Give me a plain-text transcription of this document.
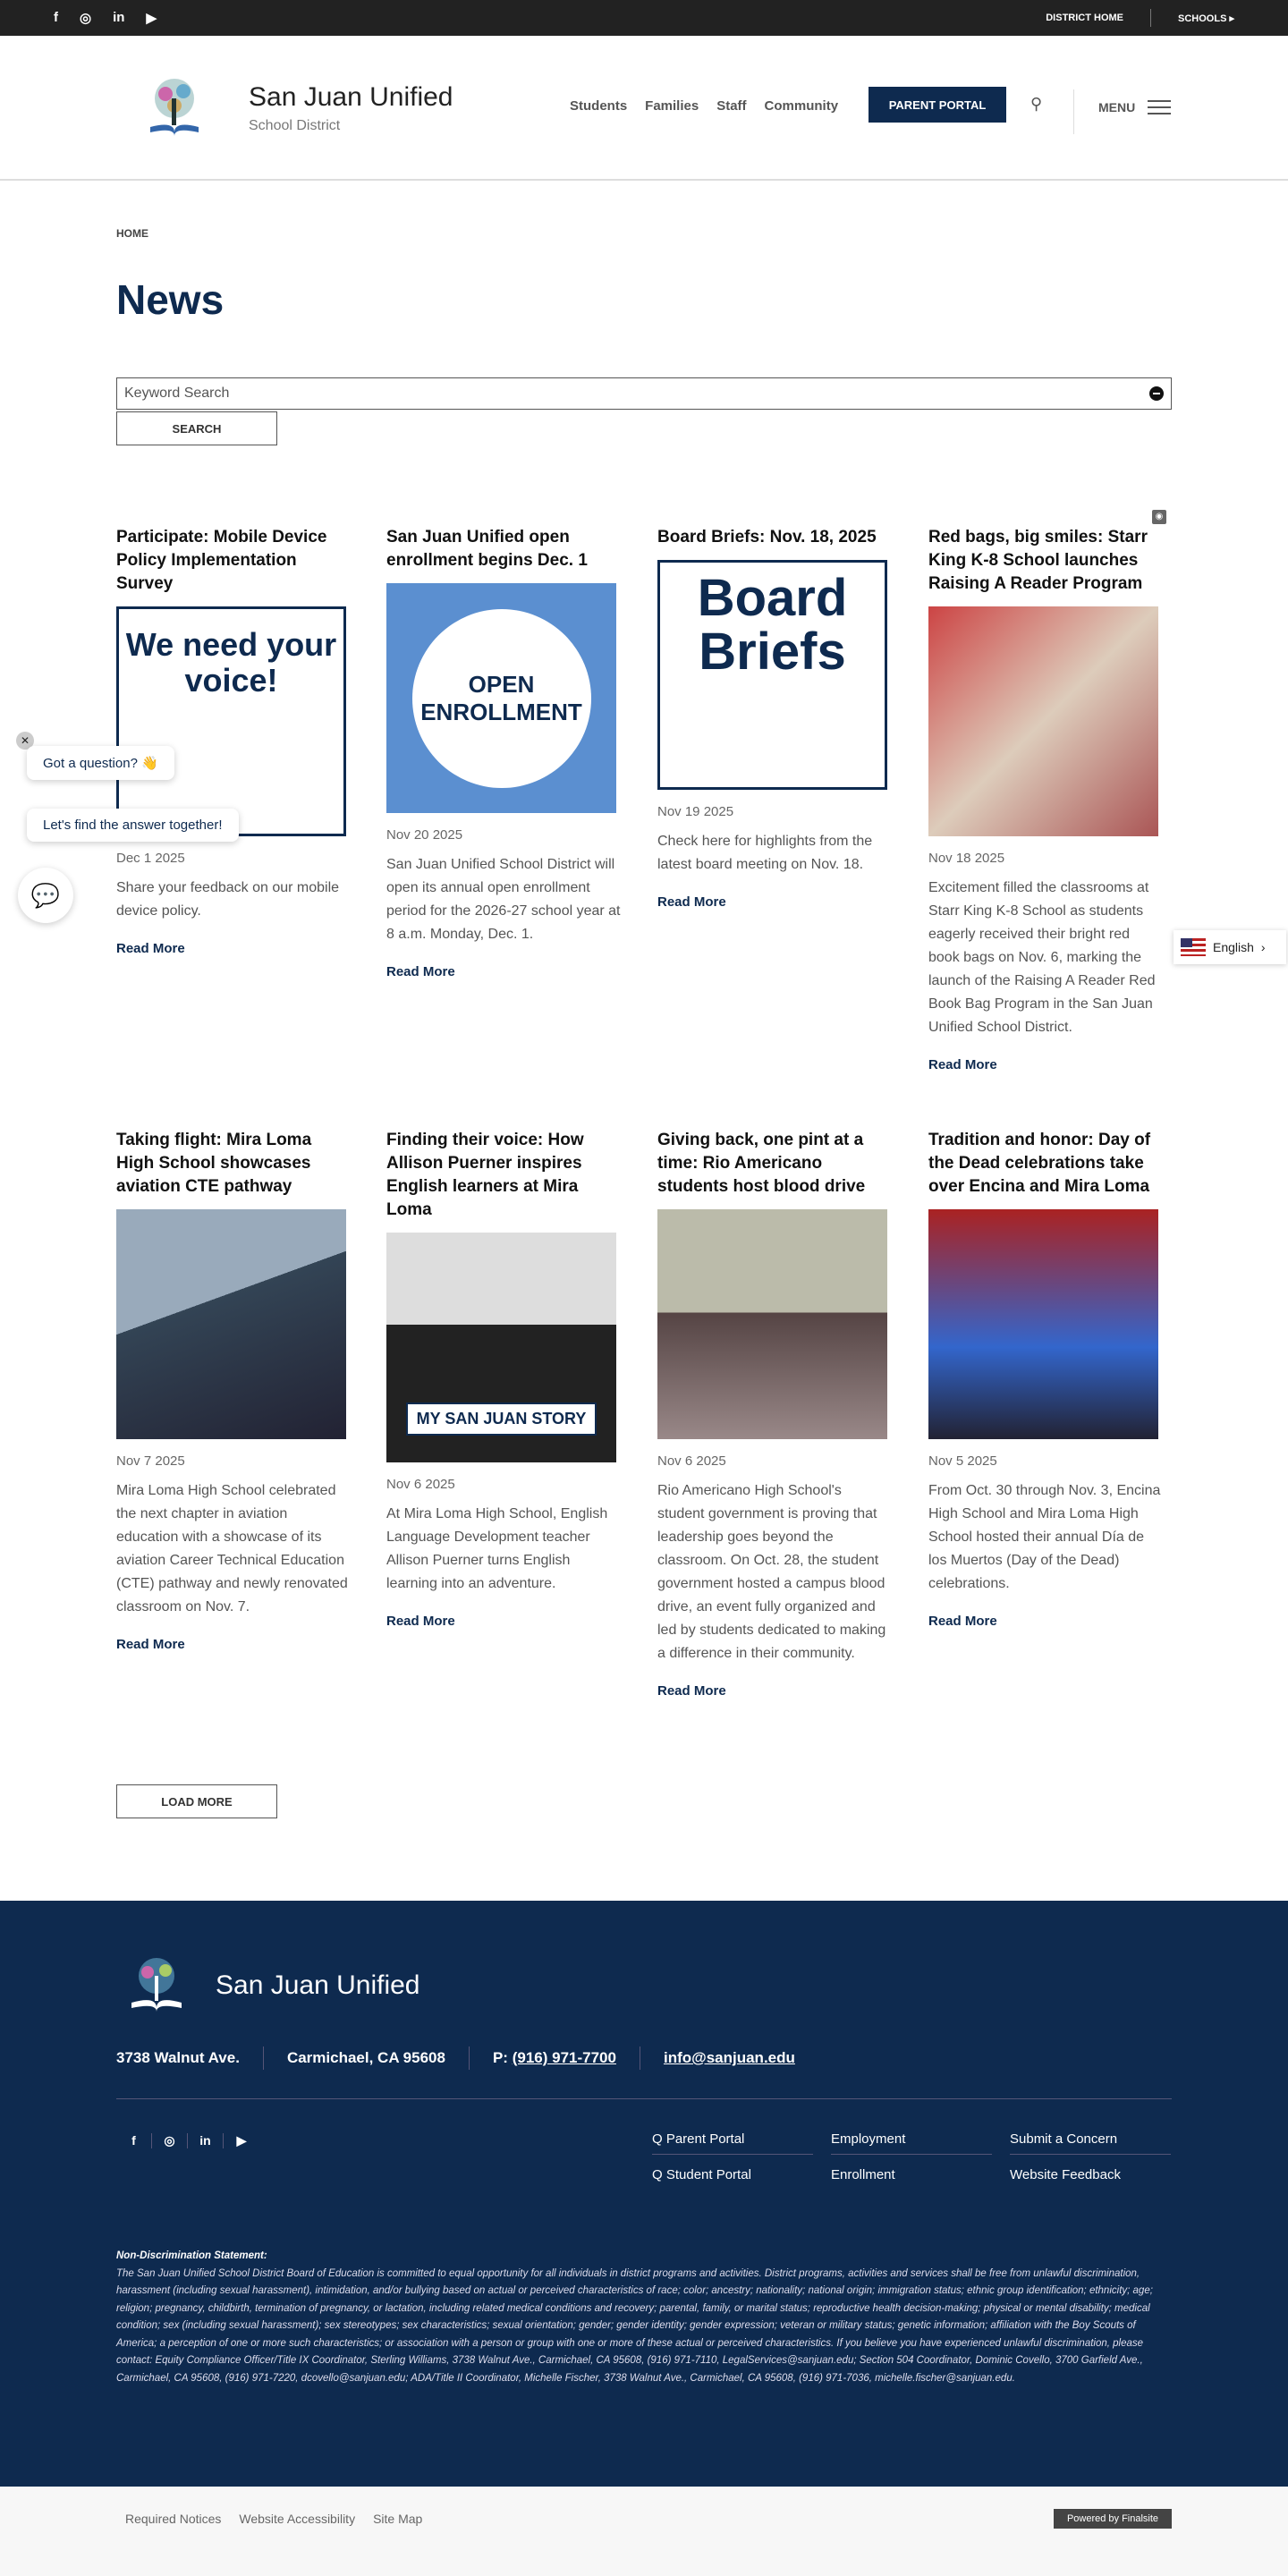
f ◎ in ▶	DISTRICT HOME	SCHOOLS ▸
San Juan Unified
School District
Students Families Staff Community	PARENT PORTAL	⚲	MENU
HOME
News
Keyword Search
SEARCH
◉
Participate: Mobile Device Policy Implementation Survey
We need your voice!
Dec 1 2025

Share your feedback on our mobile device policy.

Read More
San Juan Unified open enrollment begins Dec. 1
OPEN ENROLLMENT
Nov 20 2025

San Juan Unified School District will open its annual open enrollment period for the 2026-27 school year at 8 a.m. Monday, Dec. 1.

Read More
Board Briefs: Nov. 18, 2025
Board Briefs
Nov 19 2025

Check here for highlights from the latest board meeting on Nov. 18.

Read More
Red bags, big smiles: Starr King K-8 School launches Raising A Reader Program
Nov 18 2025

Excitement filled the classrooms at Starr King K-8 School as students eagerly received their bright red book bags on Nov. 6, marking the launch of the Raising A Reader Red Book Bag Program in the San Juan Unified School District.

Read More
Taking flight: Mira Loma High School showcases aviation CTE pathway
Nov 7 2025

Mira Loma High School celebrated the next chapter in aviation education with a showcase of its aviation Career Technical Education (CTE) pathway and newly renovated classroom on Nov. 7.

Read More
Finding their voice: How Allison Puerner inspires English learners at Mira Loma
MY SAN JUAN STORY
Nov 6 2025

At Mira Loma High School, English Language Development teacher Allison Puerner turns English learning into an adventure.

Read More
Giving back, one pint at a time: Rio Americano students host blood drive
Nov 6 2025

Rio Americano High School's student government is proving that leadership goes beyond the classroom. On Oct. 28, the student government hosted a campus blood drive, an event fully organized and led by students dedicated to making a difference in their community.

Read More
Tradition and honor: Day of the Dead celebrations take over Encina and Mira Loma
Nov 5 2025

From Oct. 30 through Nov. 3, Encina High School and Mira Loma High School hosted their annual Día de los Muertos (Day of the Dead) celebrations.

Read More
LOAD MORE
✕
Got a question? 👋
Let's find the answer together!
💬
English ›
San Juan Unified
3738 Walnut Ave.	Carmichael, CA 95608	P:
(916) 971-7700	info@sanjuan.edu
f	◎	in	▶	Q Parent Portal	Employment	Submit a Concern
Q Student Portal	Enrollment	Website Feedback
Non-Discrimination Statement:
The San Juan Unified School District Board of Education is committed to equal opportunity for all individuals in district programs and activities. District programs, activities and services shall be free from unlawful discrimination, harassment (including sexual harassment), intimidation, and/or bullying based on actual or perceived characteristics of race; color; ancestry; nationality; national origin; immigration status; ethnic group identification; ethnicity; age; religion; pregnancy, childbirth, termination of pregnancy, or lactation, including related medical conditions and recovery; parental, family, or marital status; reproductive health decision-making; physical or mental disability; medical condition; sex (including sexual harassment); sex stereotypes; sex characteristics; sexual orientation; gender; gender identity; gender expression; veteran or military status; genetic information; affiliation with the Boy Scouts of America; a perception of one or more such characteristics; or association with a person or group with one or more of these actual or perceived characteristics. If you believe you have experienced unlawful discrimination, please contact: Equity Compliance Officer/Title IX Coordinator, Sterling Williams, 3738 Walnut Ave., Carmichael, CA 95608, (916) 971-7110, LegalServices@sanjuan.edu; Section 504 Coordinator, Dominic Covello, 3700 Garfield Ave., Carmichael, CA 95608, (916) 971-7220, dcovello@sanjuan.edu; ADA/Title II Coordinator, Michelle Fischer, 3738 Walnut Ave., Carmichael, CA 95608, (916) 971-7036, michelle.fischer@sanjuan.edu.
Required Notices Website Accessibility Site Map	Powered by Finalsite
